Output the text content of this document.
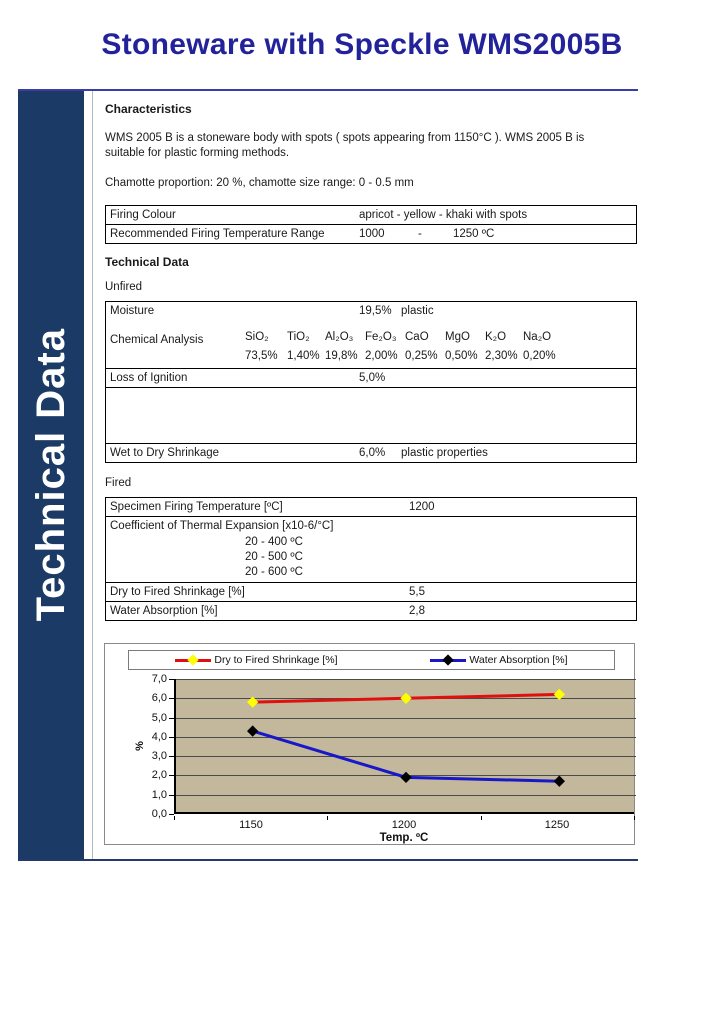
Stoneware with Speckle WMS2005B
Technical Data
Characteristics
WMS 2005 B is a stoneware body with spots ( spots appearing from 1150°C ). WMS 2005 B is suitable for plastic forming methods.
Chamotte proportion: 20 %, chamotte size range: 0 - 0.5 mm
Firing Colour	apricot - yellow - khaki with spots
Recommended Firing Temperature Range	1000	-	1250 ºC
Technical Data
Unfired
Moisture	19,5% plastic
Chemical Analysis	SiO₂ TiO₂ Al₂O₃ Fe₂O₃ CaO MgO K₂O Na₂O
73,5% 1,40% 19,8% 2,00% 0,25% 0,50% 2,30% 0,20%
Loss of Ignition	5,0%
Wet to Dry Shrinkage	6,0% plastic properties
Fired
Specimen Firing Temperature [ºC]	1200
Coefficient of Thermal Expansion [x10-6/°C]
20 - 400 ºC
20 - 500 ºC
20 - 600 ºC
Dry to Fired Shrinkage [%]	5,5
Water Absorption [%]	2,8
Dry to Fired Shrinkage [%]	Water Absorption [%]
0,0
1,0
2,0
3,0
4,0
5,0
6,0
7,0
%
1150	1200	1250
Temp. ºC
